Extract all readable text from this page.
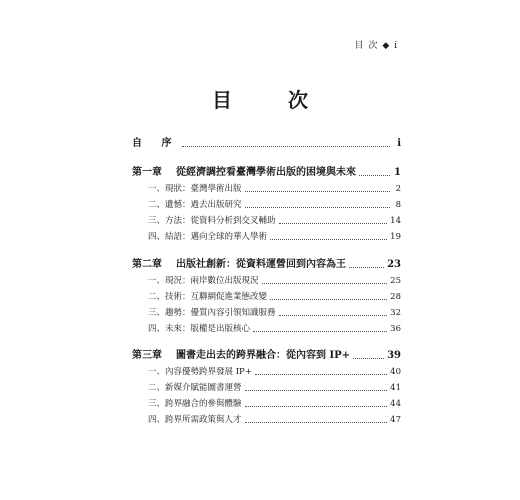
目 次 ◆ i
目　次
自 序	i
第一章 從經濟調控看臺灣學術出版的困境與未來	1
一、現狀：臺灣學術出版	2
二、遺憾：過去出版研究	8
三、方法：從資料分析到交叉輔助	14
四、結語：邁向全球的華人學術	19
第二章 出版社創新：從資料運營回到內容為王	23
一、現況：兩岸數位出版現況	25
二、技術：互聯網促進業態改變	28
三、趨勢：優質內容引領知識服務	32
四、未來：版權是出版核心	36
第三章 圖書走出去的跨界融合：從內容到 IP+	39
一、內容優勢跨界發展 IP+	40
二、新媒介賦能圖書運營	41
三、跨界融合的參與體驗	44
四、跨界所需政策與人才	47
